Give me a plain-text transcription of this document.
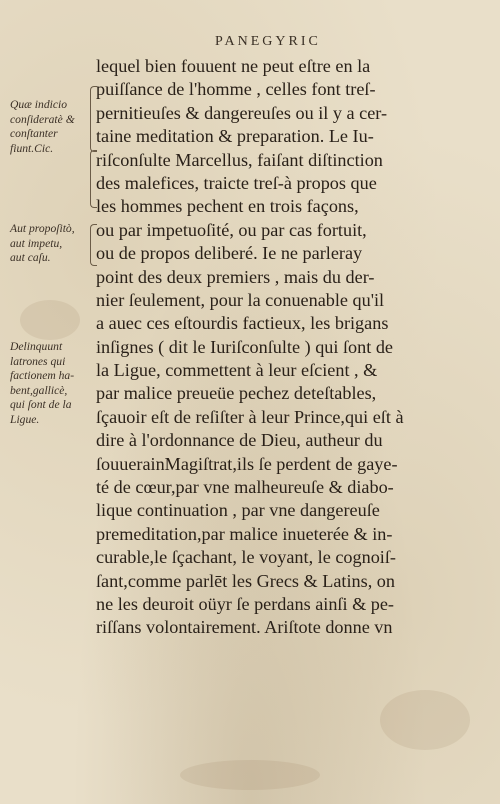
PANEGYRIC
lequel bien fouuent ne peut eſtre en la
puiſſance de l'homme , celles font treſ-
pernitieuſes & dangereuſes ou il y a cer-
taine meditation & preparation. Le Iu-
riſconſulte Marcellus, faiſant diſtinction
des malefices, traicte treſ-à propos que
les hommes pechent en trois façons,
ou par impetuoſité, ou par cas fortuit,
ou de propos deliberé. Ie ne parleray
point des deux premiers , mais du der-
nier ſeulement, pour la conuenable qu'il
a auec ces eſtourdis factieux, les brigans
inſignes ( dit le Iuriſconſulte ) qui ſont de
la Ligue, commettent à leur eſcient , &
par malice preueüe pechez deteſtables,
ſçauoir eſt de reſiſter à leur Prince,qui eſt à
dire à l'ordonnance de Dieu, autheur du
ſouuerainMagiſtrat,ils ſe perdent de gaye-
té de cœur,par vne malheureuſe & diabo-
lique continuation , par vne dangereuſe
premeditation,par malice inueterée & in-
curable,le ſçachant, le voyant, le cognoiſ-
ſant,comme parlēt les Grecs & Latins, on
ne les deuroit oüyr ſe perdans ainſi & pe-
riſſans volontairement. Ariſtote donne vn
Quæ indicio
conſideratè &
conſtanter
fiunt.Cic.
Aut propoſitò,
aut impetu,
aut caſu.
Delinquunt
latrones qui
factionem ha-
bent,gallicè,
qui ſont de la
Ligue.
